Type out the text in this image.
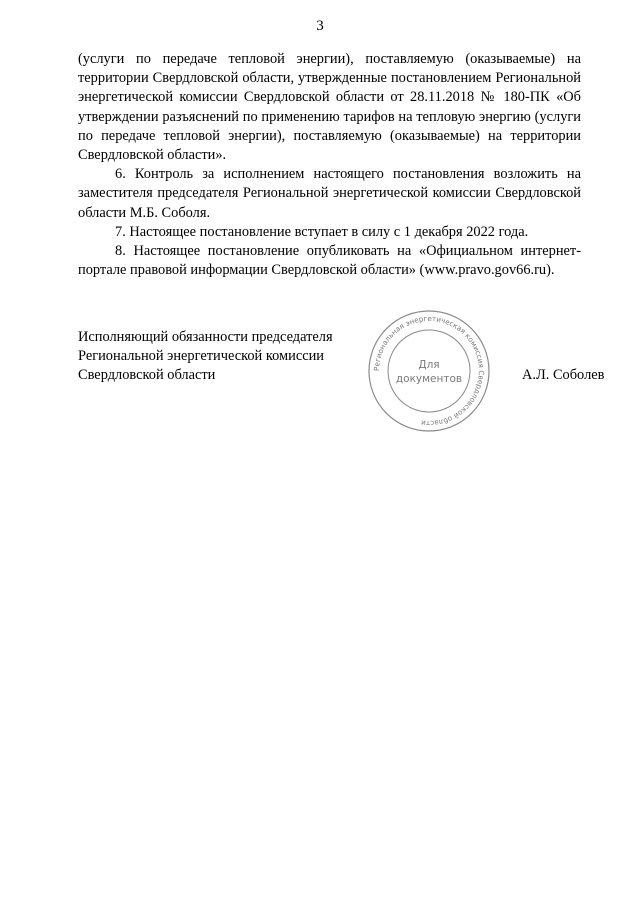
3

(услуги по передаче тепловой энергии), поставляемую (оказываемые) на территории Свердловской области, утвержденные постановлением Региональной энергетической комиссии Свердловской области от 28.11.2018 № 180-ПК «Об утверждении разъяснений по применению тарифов на тепловую энергию (услуги по передаче тепловой энергии), поставляемую (оказываемые) на территории Свердловской области».

6. Контроль за исполнением настоящего постановления возложить на заместителя председателя Региональной энергетической комиссии Свердловской области М.Б. Соболя.

7. Настоящее постановление вступает в силу с 1 декабря 2022 года.

8. Настоящее постановление опубликовать на «Официальном интернет-портале правовой информации Свердловской области» (www.pravo.gov66.ru).

Исполняющий обязанности председателя
Региональной энергетической комиссии
Свердловской области	Региональная энергетическая комиссия Свердловской области
Для
документов	А.Л. Соболев
